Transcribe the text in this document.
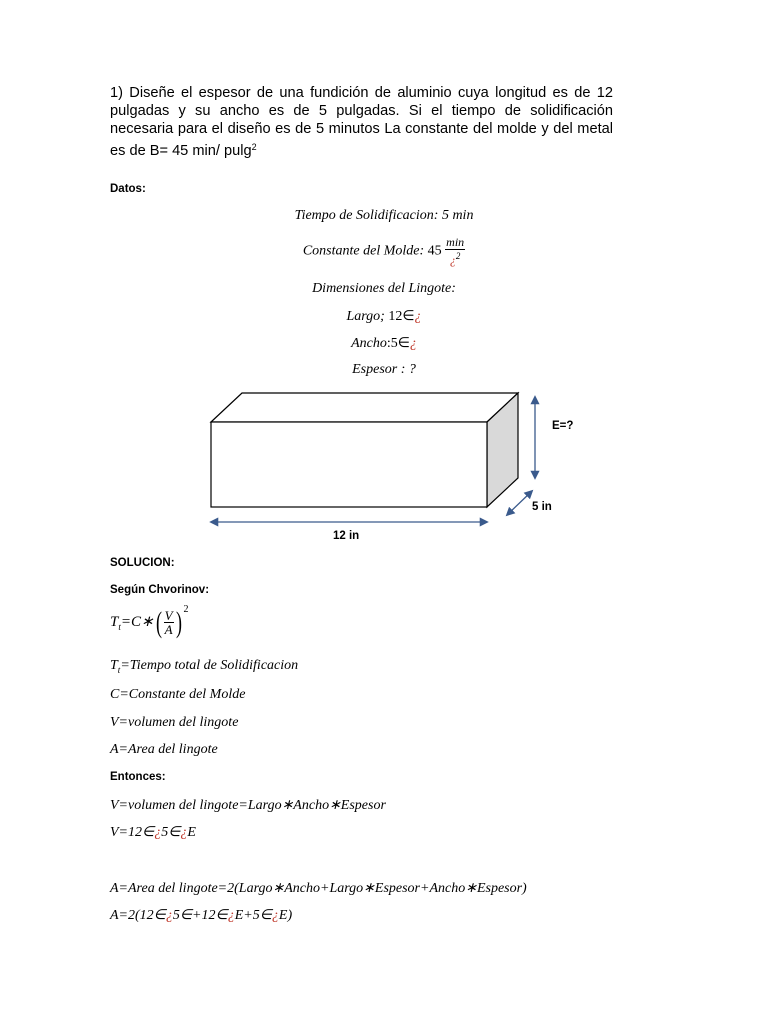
1) Diseñe el espesor de una fundición de aluminio cuya longitud es de 12 pulgadas y su ancho es de 5 pulgadas. Si el tiempo de solidificación necesaria para el diseño es de 5 minutos La constante del molde y del metal es de B= 45 min/ pulg$^2$
Datos:
Tiempo de Solidificacion: 5 min
Constante del Molde: $45 \frac{\min}{¿^2}$
Dimensiones del Lingote:
Largo; 12∈¿
Ancho:5∈¿
Espesor : ?
E=?
5 in
12 in
SOLUCION:
Según Chvorinov:
$T_t=C∗( \frac{V}{A}$ ) $^2$
$T_t=Tiempo$ total de Solidificacion
C=Constante del Molde
V=volumen del lingote
A=Area del lingote
Entonces:
V=volumen del lingote=Largo∗Ancho∗Espesor
V=12∈¿5∈¿E
A=Area del lingote=2(Largo∗Ancho+Largo∗Espesor+Ancho∗Espesor)
A=2(12∈¿5∈+12∈¿E+5∈¿E)
